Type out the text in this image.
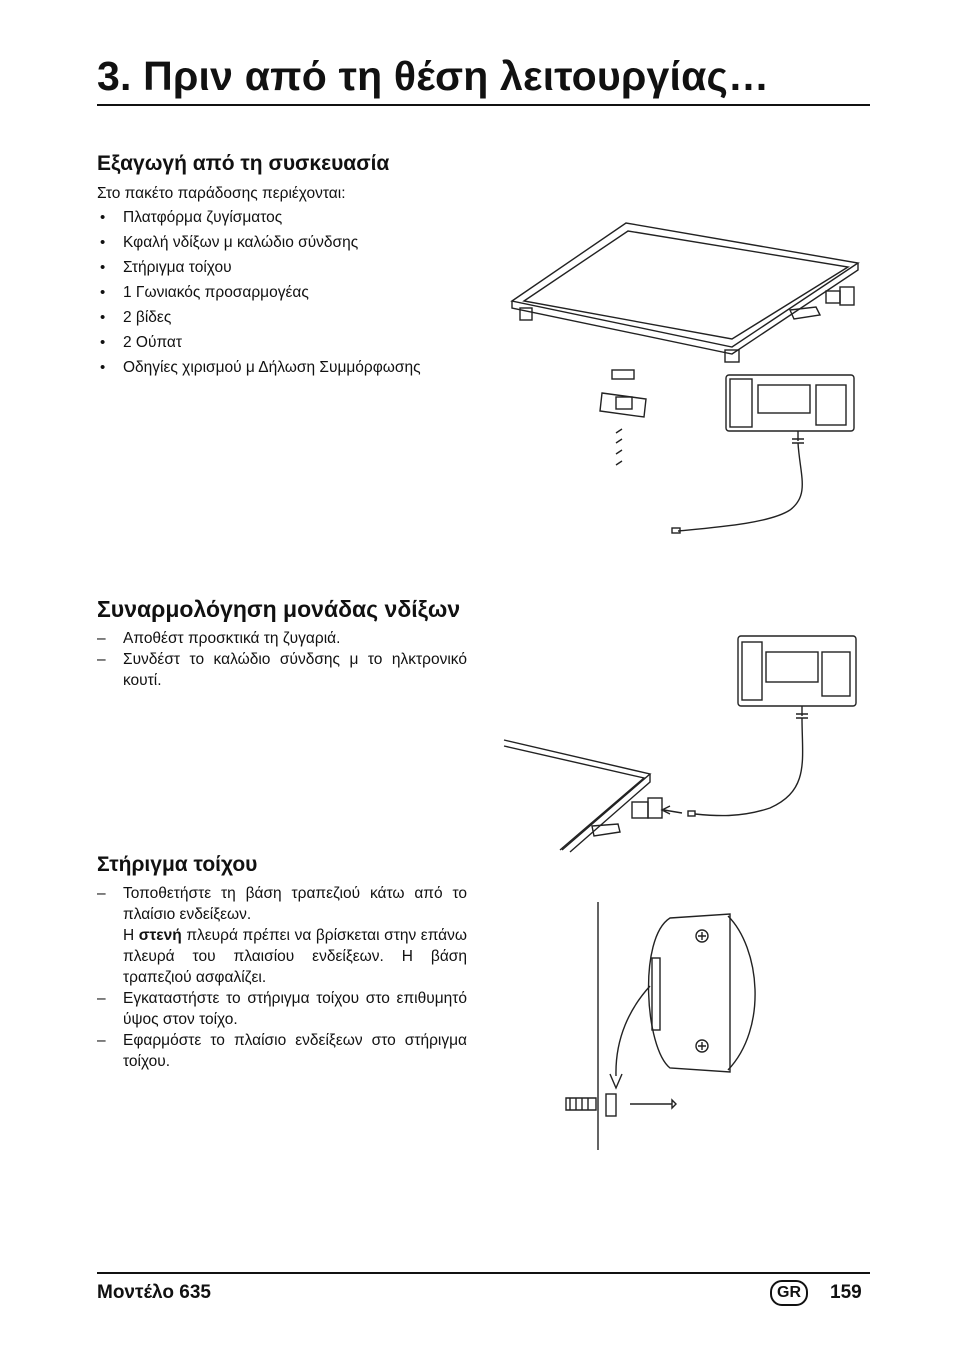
3. Πριν από τη θέση λειτουργίας…
Εξαγωγή από τη συσκευασία
Στο πακέτο παράδοσης περιέχονται:
• Πλατφόρμα ζυγίσματος
• Κφαλή νδίξων μ καλώδιο σύνδσης
• Στήριγμα τοίχου
• 1 Γωνιακός προσαρμογέας
• 2 βίδες
• 2 Ούπατ
• Οδηγίες χιρισμού μ Δήλωση Συμμόρφωσης
Συναρμολόγηση μονάδας νδίξων
– Αποθέστ προσκτικά τη ζυγαριά.

– Συνδέστ το καλώδιο σύνδσης μ το ηλκτρονικό κουτί.

Στήριγμα τοίχου
– Τοποθετήστε τη βάση τραπεζιού κάτω από το πλαίσιο ενδείξεων.

Η στενή πλευρά πρέπει να βρίσκεται στην επάνω πλευρά του πλαισίου ενδείξεων. Η βάση τραπεζιού ασφαλίζει.

– Εγκαταστήστε το στήριγμα τοίχου στο επιθυμητό ύψος στον τοίχο.

– Εφαρμόστε το πλαίσιο ενδείξεων στο στήριγμα τοίχου.

Μοντέλο 635	GR	159
